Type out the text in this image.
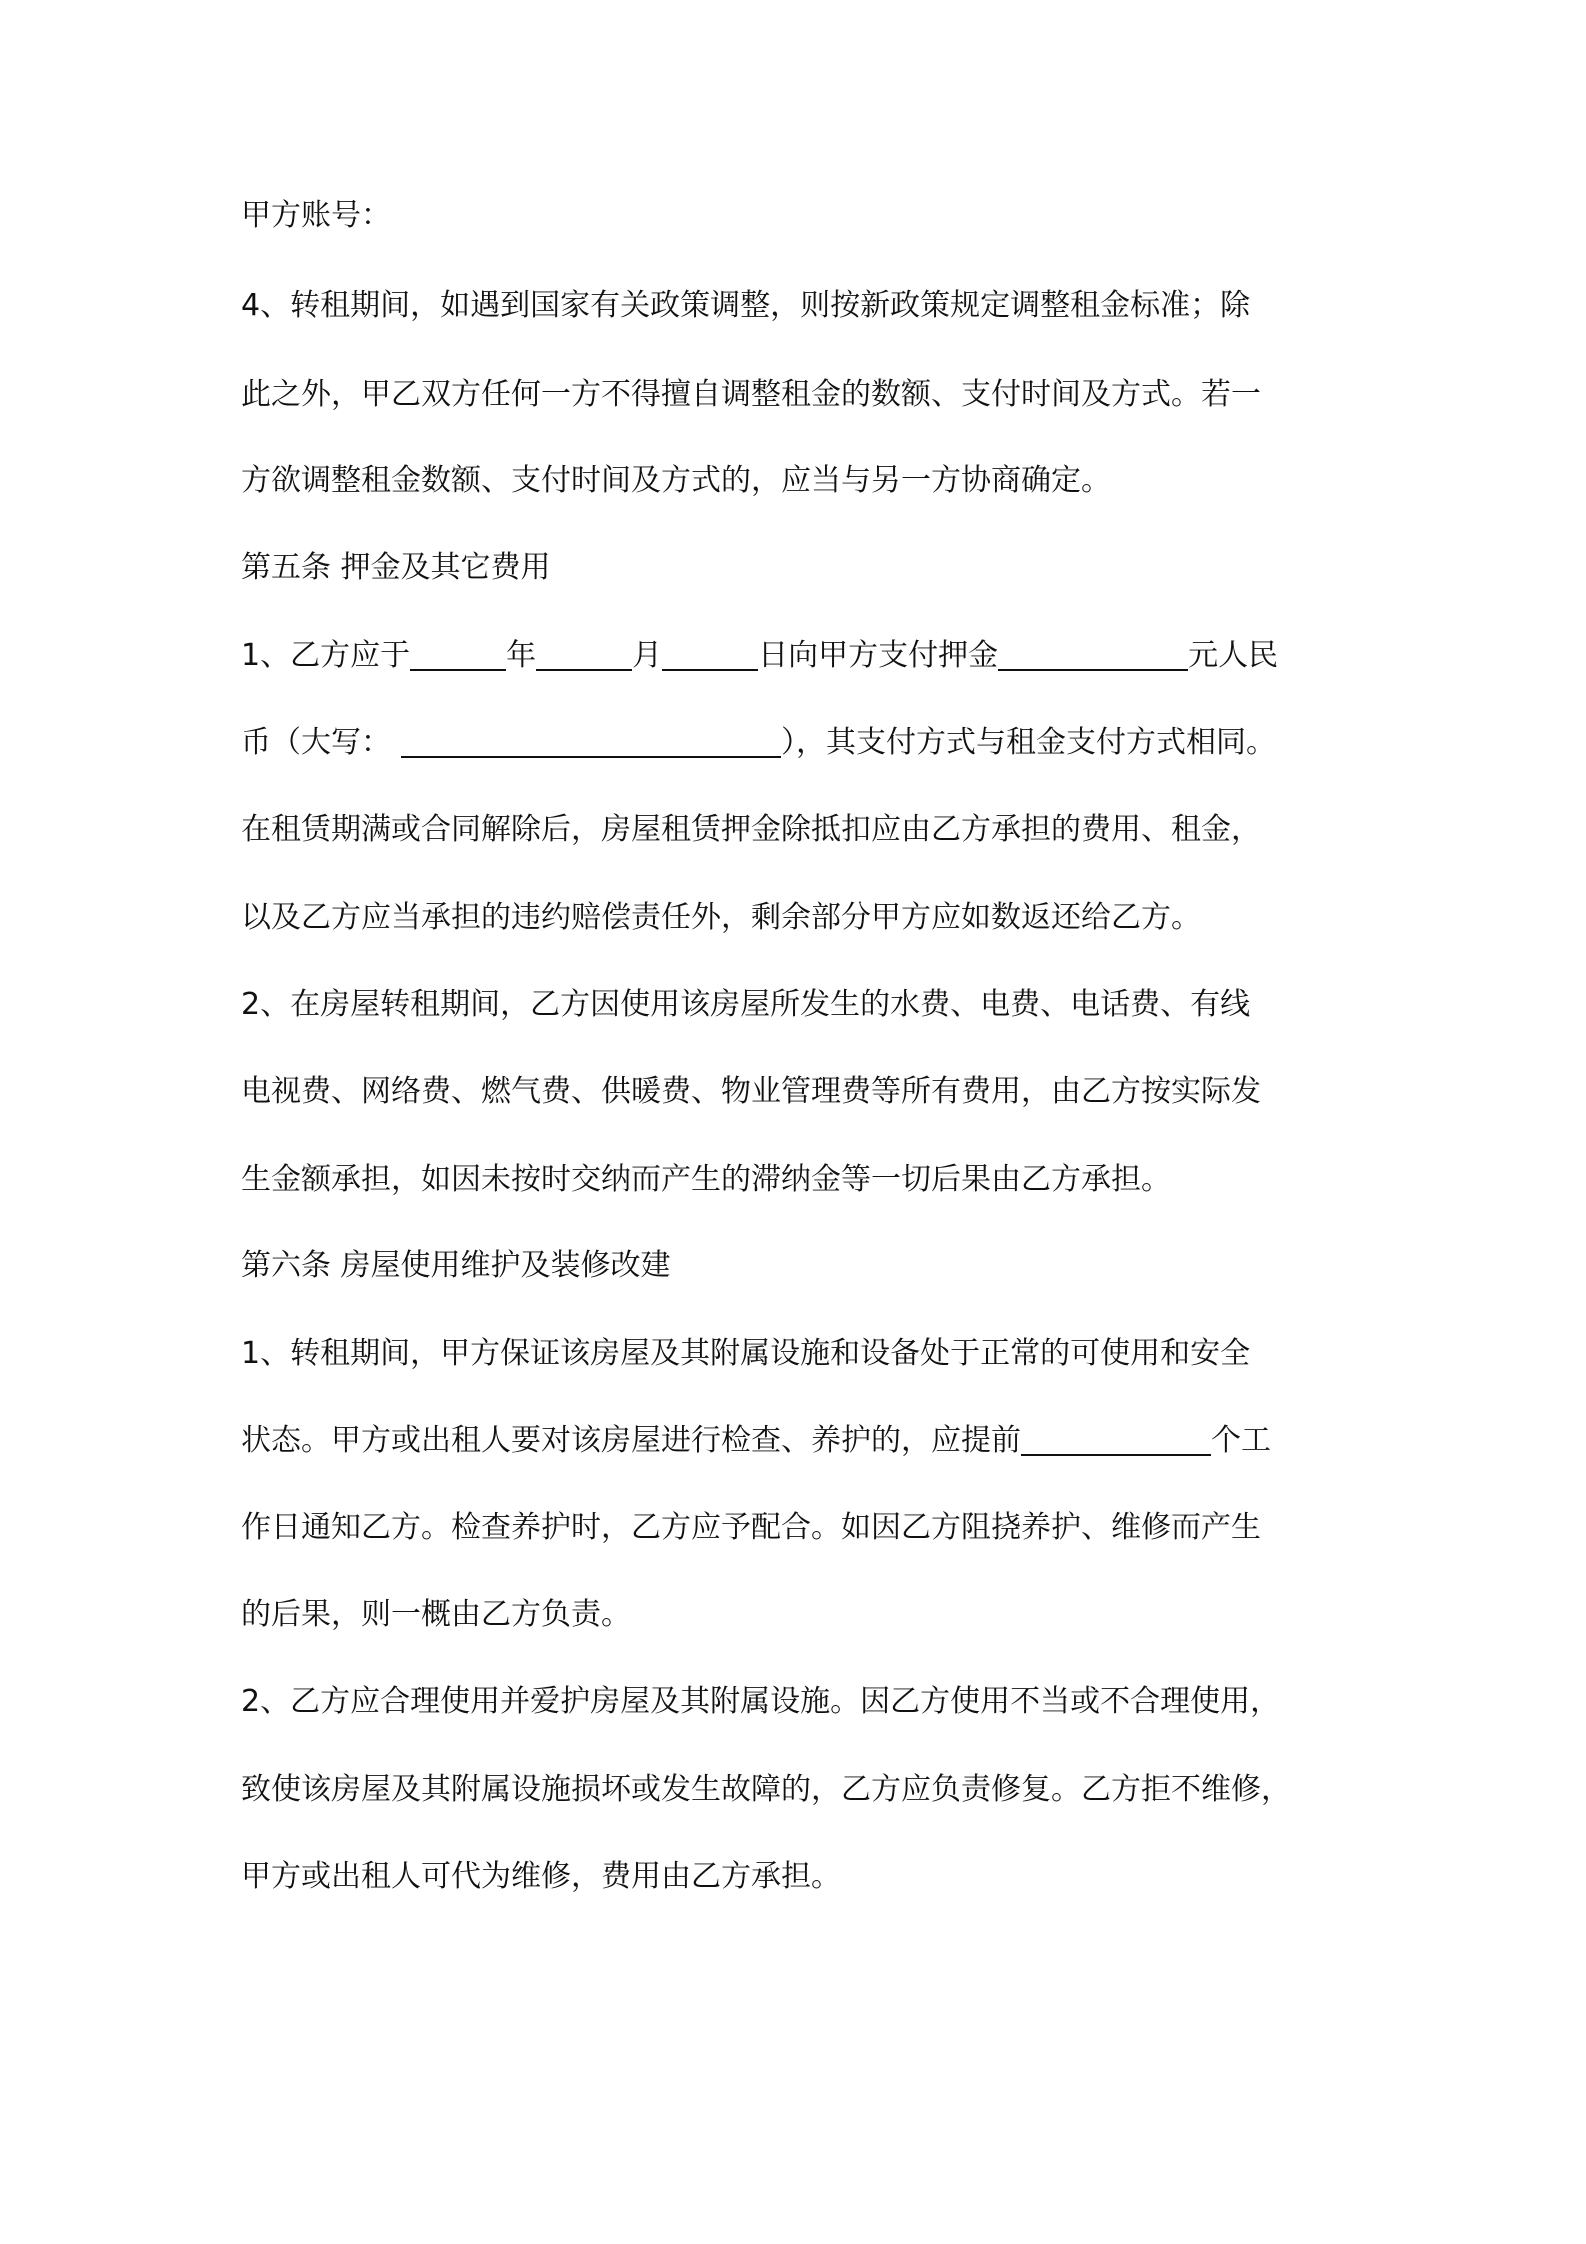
甲方账号：
4、转租期间，如遇到国家有关政策调整，则按新政策规定调整租金标准；除
此之外，甲乙双方任何一方不得擅自调整租金的数额、支付时间及方式。若一
方欲调整租金数额、支付时间及方式的，应当与另一方协商确定。
第五条 押金及其它费用
1、乙方应于	年	月	日向甲方支付押金	元人民
币（大写：	），其支付方式与租金支付方式相同。
在租赁期满或合同解除后，房屋租赁押金除抵扣应由乙方承担的费用、租金，
以及乙方应当承担的违约赔偿责任外，剩余部分甲方应如数返还给乙方。
2、在房屋转租期间，乙方因使用该房屋所发生的水费、电费、电话费、有线
电视费、网络费、燃气费、供暖费、物业管理费等所有费用，由乙方按实际发
生金额承担，如因未按时交纳而产生的滞纳金等一切后果由乙方承担。
第六条 房屋使用维护及装修改建
1、转租期间，甲方保证该房屋及其附属设施和设备处于正常的可使用和安全
状态。甲方或出租人要对该房屋进行检查、养护的，应提前	个工
作日通知乙方。检查养护时，乙方应予配合。如因乙方阻挠养护、维修而产生
的后果，则一概由乙方负责。
2、乙方应合理使用并爱护房屋及其附属设施。因乙方使用不当或不合理使用，
致使该房屋及其附属设施损坏或发生故障的，乙方应负责修复。乙方拒不维修，
甲方或出租人可代为维修，费用由乙方承担。
